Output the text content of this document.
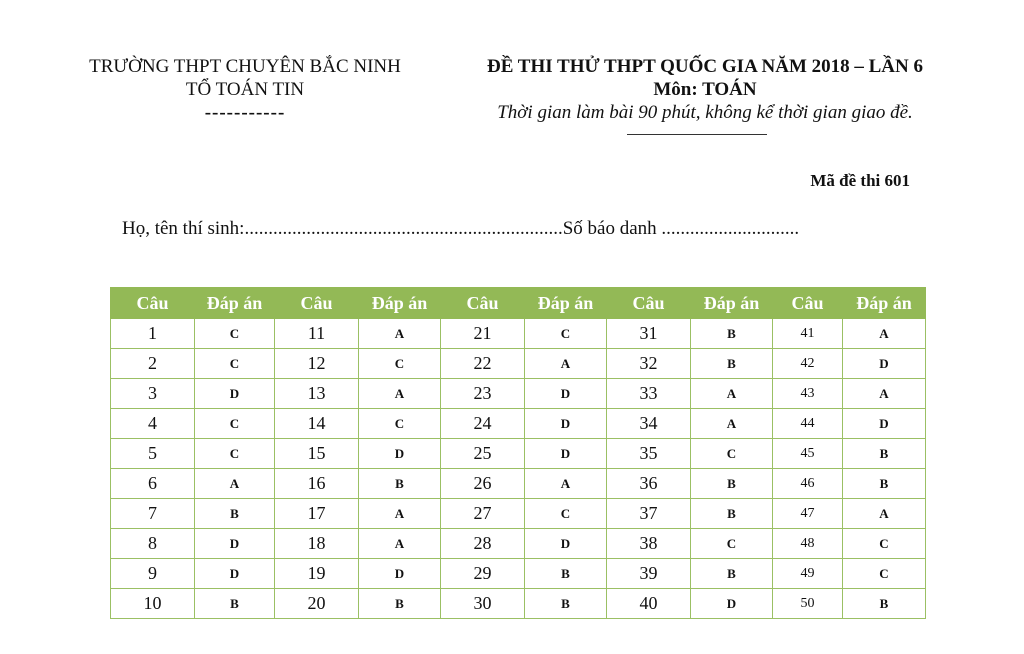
TRƯỜNG THPT CHUYÊN BẮC NINH
TỔ TOÁN TIN
-----------
ĐỀ THI THỬ THPT QUỐC GIA NĂM 2018 – LẦN 6
Môn: TOÁN
Thời gian làm bài 90 phút, không kể thời gian giao đề.
Mã đề thi 601
Họ, tên thí sinh:...................................................................Số báo danh .............................
Câu	Đáp án	Câu	Đáp án	Câu	Đáp án	Câu	Đáp án	Câu	Đáp án
1	C	11	A	21	C	31	B	41	A
2	C	12	C	22	A	32	B	42	D
3	D	13	A	23	D	33	A	43	A
4	C	14	C	24	D	34	A	44	D
5	C	15	D	25	D	35	C	45	B
6	A	16	B	26	A	36	B	46	B
7	B	17	A	27	C	37	B	47	A
8	D	18	A	28	D	38	C	48	C
9	D	19	D	29	B	39	B	49	C
10	B	20	B	30	B	40	D	50	B
